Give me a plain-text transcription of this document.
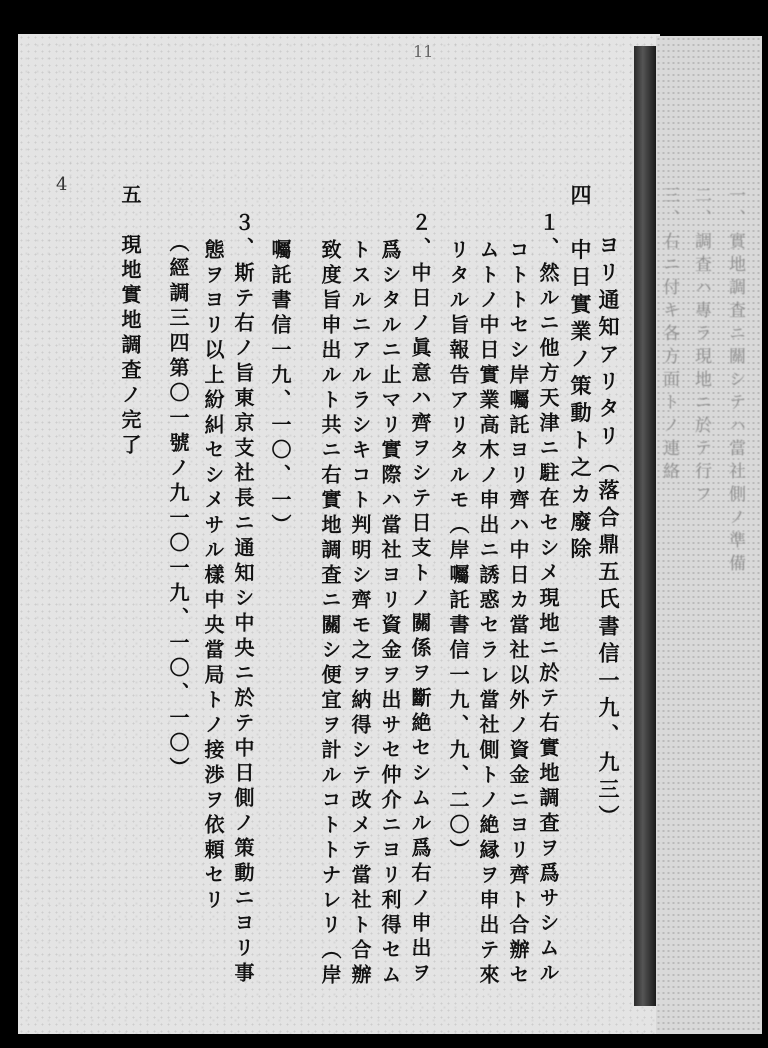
11
4
ヨリ通知アリタリ（落合鼎五氏書信一九、九三）
四　中日實業ノ策動ト之カ廢除
１、然ルニ他方天津ニ駐在セシメ現地ニ於テ右實地調査ヲ爲サシムル
コトトセシ岸囑託ヨリ齊ハ中日カ當社以外ノ資金ニヨリ齊ト合辦セ
ムトノ中日實業高木ノ申出ニ誘惑セラレ當社側トノ絶縁ヲ申出テ來
リタル旨報告アリタルモ（岸囑託書信一九、九、二〇）
２、中日ノ眞意ハ齊ヲシテ日支トノ關係ヲ斷絶セシムル爲右ノ申出ヲ
爲シタルニ止マリ實際ハ當社ヨリ資金ヲ出サセ仲介ニヨリ利得セム
トスルニアルラシキコト判明シ齊モ之ヲ納得シテ改メテ當社ト合辦
致度旨申出ルト共ニ右實地調査ニ關シ便宜ヲ計ルコトトナレリ（岸
囑託書信一九、一〇、一）
３、斯テ右ノ旨東京支社長ニ通知シ中央ニ於テ中日側ノ策動ニヨリ事
態ヲヨリ以上紛糾セシメサル樣中央當局トノ接渉ヲ依頼セリ
（經調三四第〇一號ノ九一〇一九、一〇、一〇）
五　現地實地調査ノ完了	一、實地調査ニ關シテハ當社側ノ準備
二、調査ハ專ラ現地ニ於テ行フ
三、右ニ付キ各方面トノ連絡
